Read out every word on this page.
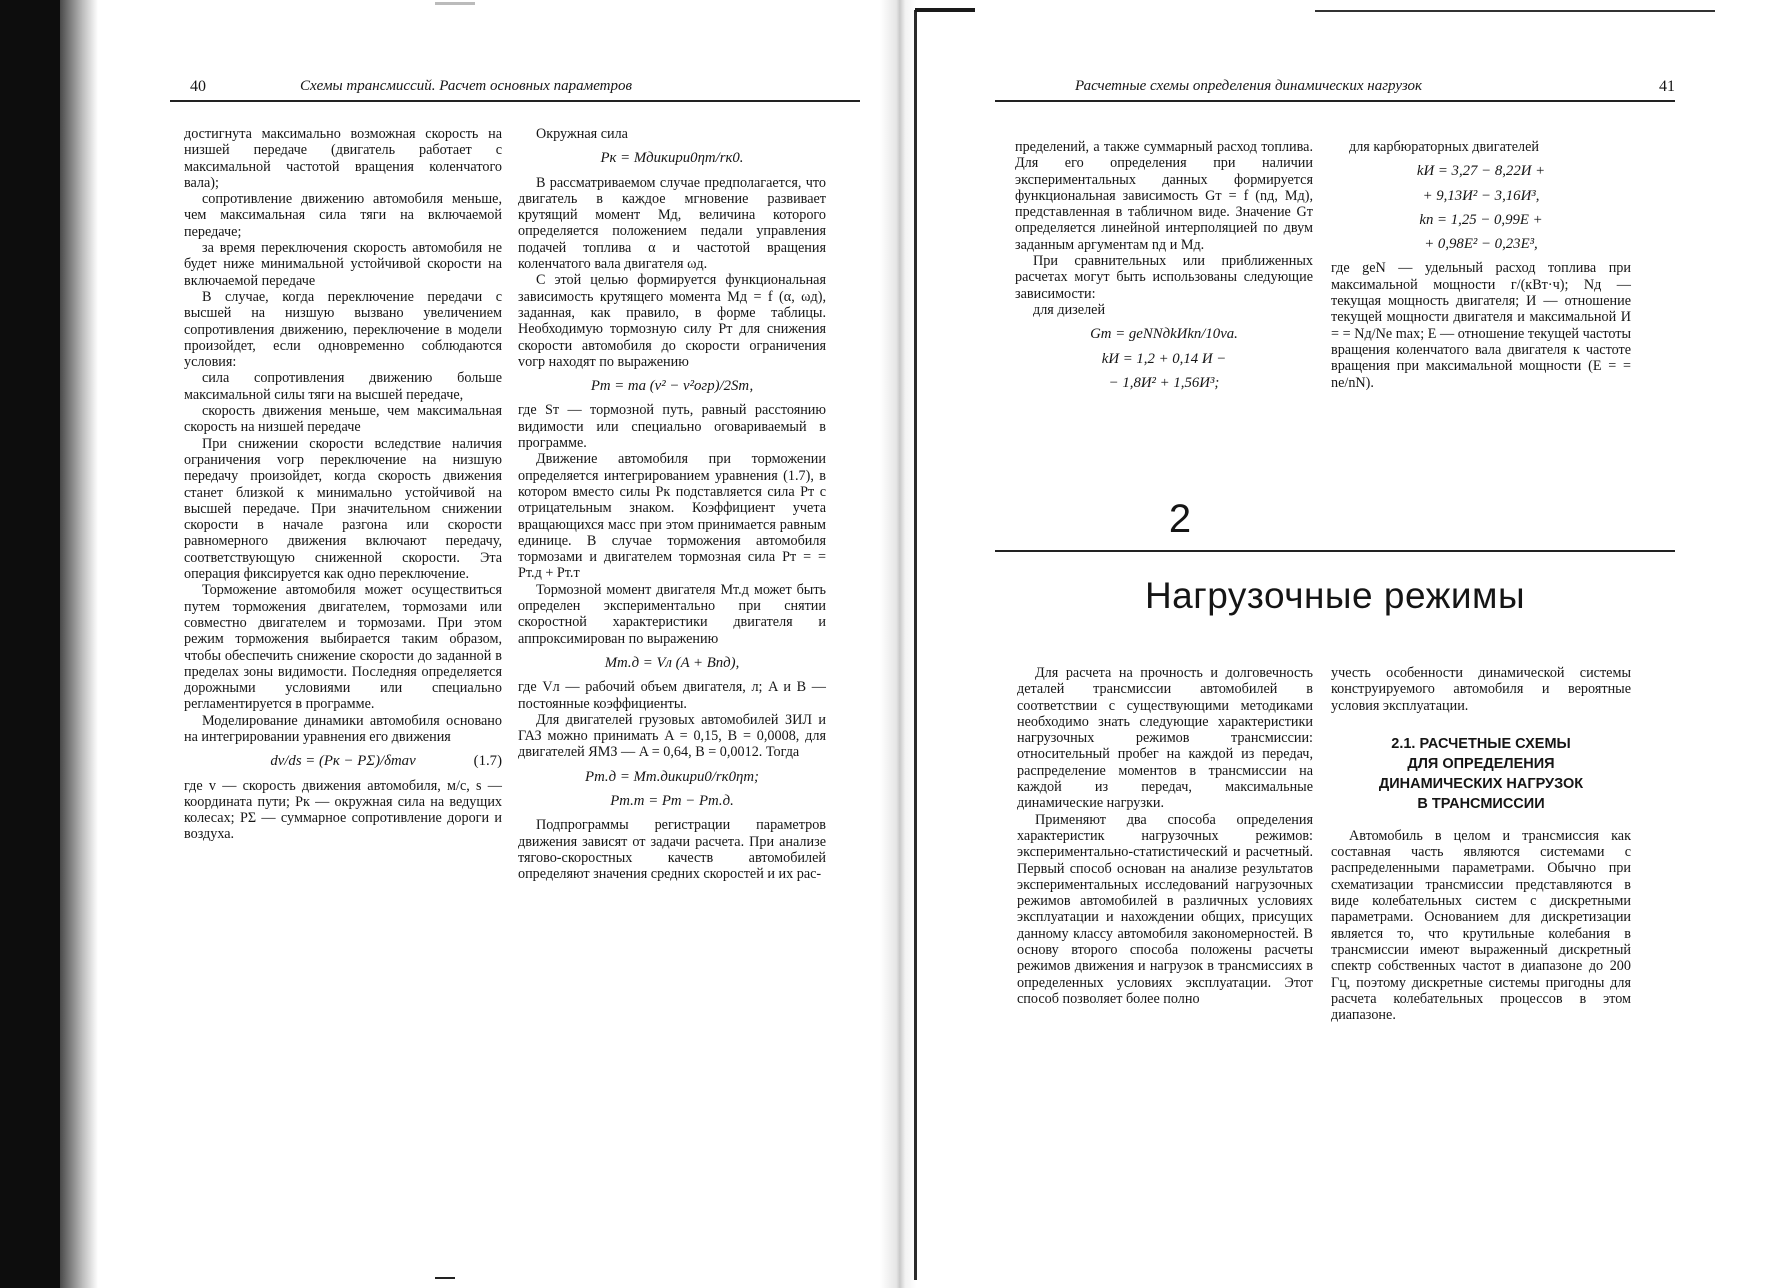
40	Схемы трансмиссий. Расчет основных параметров

достигнута максимально возможная скорость на низшей передаче (двигатель работает с максимальной частотой вращения коленчатого вала);

сопротивление движению автомобиля меньше, чем максимальная сила тяги на включаемой передаче;

за время переключения скорость автомобиля не будет ниже минимальной устойчивой скорости на включаемой передаче

В случае, когда переключение передачи с высшей на низшую вызвано увеличением сопротивления движению, переключение в модели произойдет, если одновременно соблюдаются условия:

сила сопротивления движению больше максимальной силы тяги на высшей передаче,

скорость движения меньше, чем максимальная скорость на низшей передаче

При снижении скорости вследствие наличия ограничения vогр переключение на низшую передачу произойдет, когда скорость движения станет близкой к минимально устойчивой на высшей передаче. При значительном снижении скорости в начале разгона или скорости равномерного движения включают передачу, соответствующую сниженной скорости. Эта операция фиксируется как одно переключение.

Торможение автомобиля может осуществиться путем торможения двигателем, тормозами или совместно двигателем и тормозами. При этом режим торможения выбирается таким образом, чтобы обеспечить снижение скорости до заданной в пределах зоны видимости. Последняя определяется дорожными условиями или специально регламентируется в программе.

Моделирование динамики автомобиля основано на интегрировании уравнения его движения

dv/ds = (Pк − PΣ)/δmаv	(1.7)

где v — скорость движения автомобиля, м/с, s — координата пути; Pк — окружная сила на ведущих колесах; PΣ — суммарное сопротивление дороги и воздуха.

Окружная сила

Pк = Mдuкuрu0ηт/rк0.

В рассматриваемом случае предполагается, что двигатель в каждое мгновение развивает крутящий момент Mд, величина которого определяется положением педали управления подачей топлива α и частотой вращения коленчатого вала двигателя ωд.

С этой целью формируется функциональная зависимость крутящего момента Mд = f (α, ωд), заданная, как правило, в форме таблицы. Необходимую тормозную силу Pт для снижения скорости автомобиля до скорости ограничения vогр находят по выражению

Pт = mа (v² − v²огр)/2Sт,

где Sт — тормозной путь, равный расстоянию видимости или специально оговариваемый в программе.

Движение автомобиля при торможении определяется интегрированием уравнения (1.7), в котором вместо силы Pк подставляется сила Pт с отрицательным знаком. Коэффициент учета вращающихся масс при этом принимается равным единице. В случае торможения автомобиля тормозами и двигателем тормозная сила Pт = = Pт.д + Pт.т

Тормозной момент двигателя Mт.д может быть определен экспериментально при снятии скоростной характеристики двигателя и аппроксимирован по выражению

Mт.д = Vл (A + Bnд),

где Vл — рабочий объем двигателя, л; A и B — постоянные коэффициенты.

Для двигателей грузовых автомобилей ЗИЛ и ГАЗ можно принимать A = 0,15, B = 0,0008, для двигателей ЯМЗ — A = 0,64, B = 0,0012. Тогда

Pт.д = Mт.дuкuрu0/rк0ηт;
Pт.т = Pт − Pт.д.

Подпрограммы регистрации параметров движения зависят от задачи расчета. При анализе тягово-скоростных качеств автомобилей определяют значения средних скоростей и их рас-

Расчетные схемы определения динамических нагрузок	41

пределений, а также суммарный расход топлива. Для его определения при наличии экспериментальных данных формируется функциональная зависимость Gт = f (nд, Mд), представленная в табличном виде. Значение Gт определяется линейной интерполяцией по двум заданным аргументам nд и Mд.

При сравнительных или приближенных расчетах могут быть использованы следующие зависимости:

для дизелей

Gт = geNNдkИkп/10vа.
kИ = 1,2 + 0,14 И −
− 1,8И² + 1,56И³;

для карбюраторных двигателей

kИ = 3,27 − 8,22И +
+ 9,13И² − 3,16И³,
kп = 1,25 − 0,99E +
+ 0,98E² − 0,23E³,

где geN — удельный расход топлива при максимальной мощности г/(кВт·ч); Nд — текущая мощность двигателя; И — отношение текущей мощности двигателя и максимальной И = = Nд/Ne max; E — отношение текущей частоты вращения коленчатого вала двигателя к частоте вращения при максимальной мощности (E = = ne/nN).

2
Нагрузочные режимы

Для расчета на прочность и долговечность деталей трансмиссии автомобилей в соответствии с существующими методиками необходимо знать следующие характеристики нагрузочных режимов трансмиссии: относительный пробег на каждой из передач, распределение моментов в трансмиссии на каждой из передач, максимальные динамические нагрузки.

Применяют два способа определения характеристик нагрузочных режимов: экспериментально-статистический и расчетный. Первый способ основан на анализе результатов экспериментальных исследований нагрузочных режимов автомобилей в различных условиях эксплуатации и нахождении общих, присущих данному классу автомобиля закономерностей. В основу второго способа положены расчеты режимов движения и нагрузок в трансмиссиях в определенных условиях эксплуатации. Этот способ позволяет более полно

учесть особенности динамической системы конструируемого автомобиля и вероятные условия эксплуатации.

2.1. РАСЧЕТНЫЕ СХЕМЫ
ДЛЯ ОПРЕДЕЛЕНИЯ
ДИНАМИЧЕСКИХ НАГРУЗОК
В ТРАНСМИССИИ

Автомобиль в целом и трансмиссия как составная часть являются системами с распределенными параметрами. Обычно при схематизации трансмиссии представляются в виде колебательных систем с дискретными параметрами. Основанием для дискретизации является то, что крутильные колебания в трансмиссии имеют выраженный дискретный спектр собственных частот в диапазоне до 200 Гц, поэтому дискретные системы пригодны для расчета колебательных процессов в этом диапазоне.
